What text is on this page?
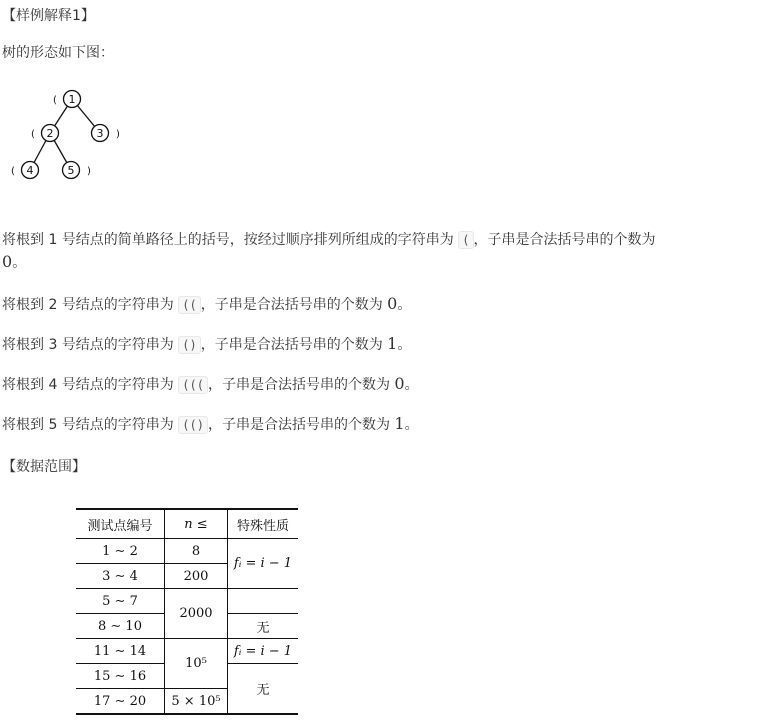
【样例解释1】
树的形态如下图：
1
2	3
4	5
(
(	)
(	)
将根到 1 号结点的简单路径上的括号，按经过顺序排列所组成的字符串为 ( ，子串是合法括号串的个数为
0。
将根到 2 号结点的字符串为 (( ，子串是合法括号串的个数为 0。
将根到 3 号结点的字符串为 () ，子串是合法括号串的个数为 1。
将根到 4 号结点的字符串为 ((( ，子串是合法括号串的个数为 0。
将根到 5 号结点的字符串为 (() ，子串是合法括号串的个数为 1。
【数据范围】
测试点编号	n ≤	特殊性质
1 ∼ 2	8	fᵢ = i − 1
3 ∼ 4	200	
5 ∼ 7	2000	
8 ∼ 10		无
11 ∼ 14	10⁵	fᵢ = i − 1
15 ∼ 16		无
17 ∼ 20	5 × 10⁵	
